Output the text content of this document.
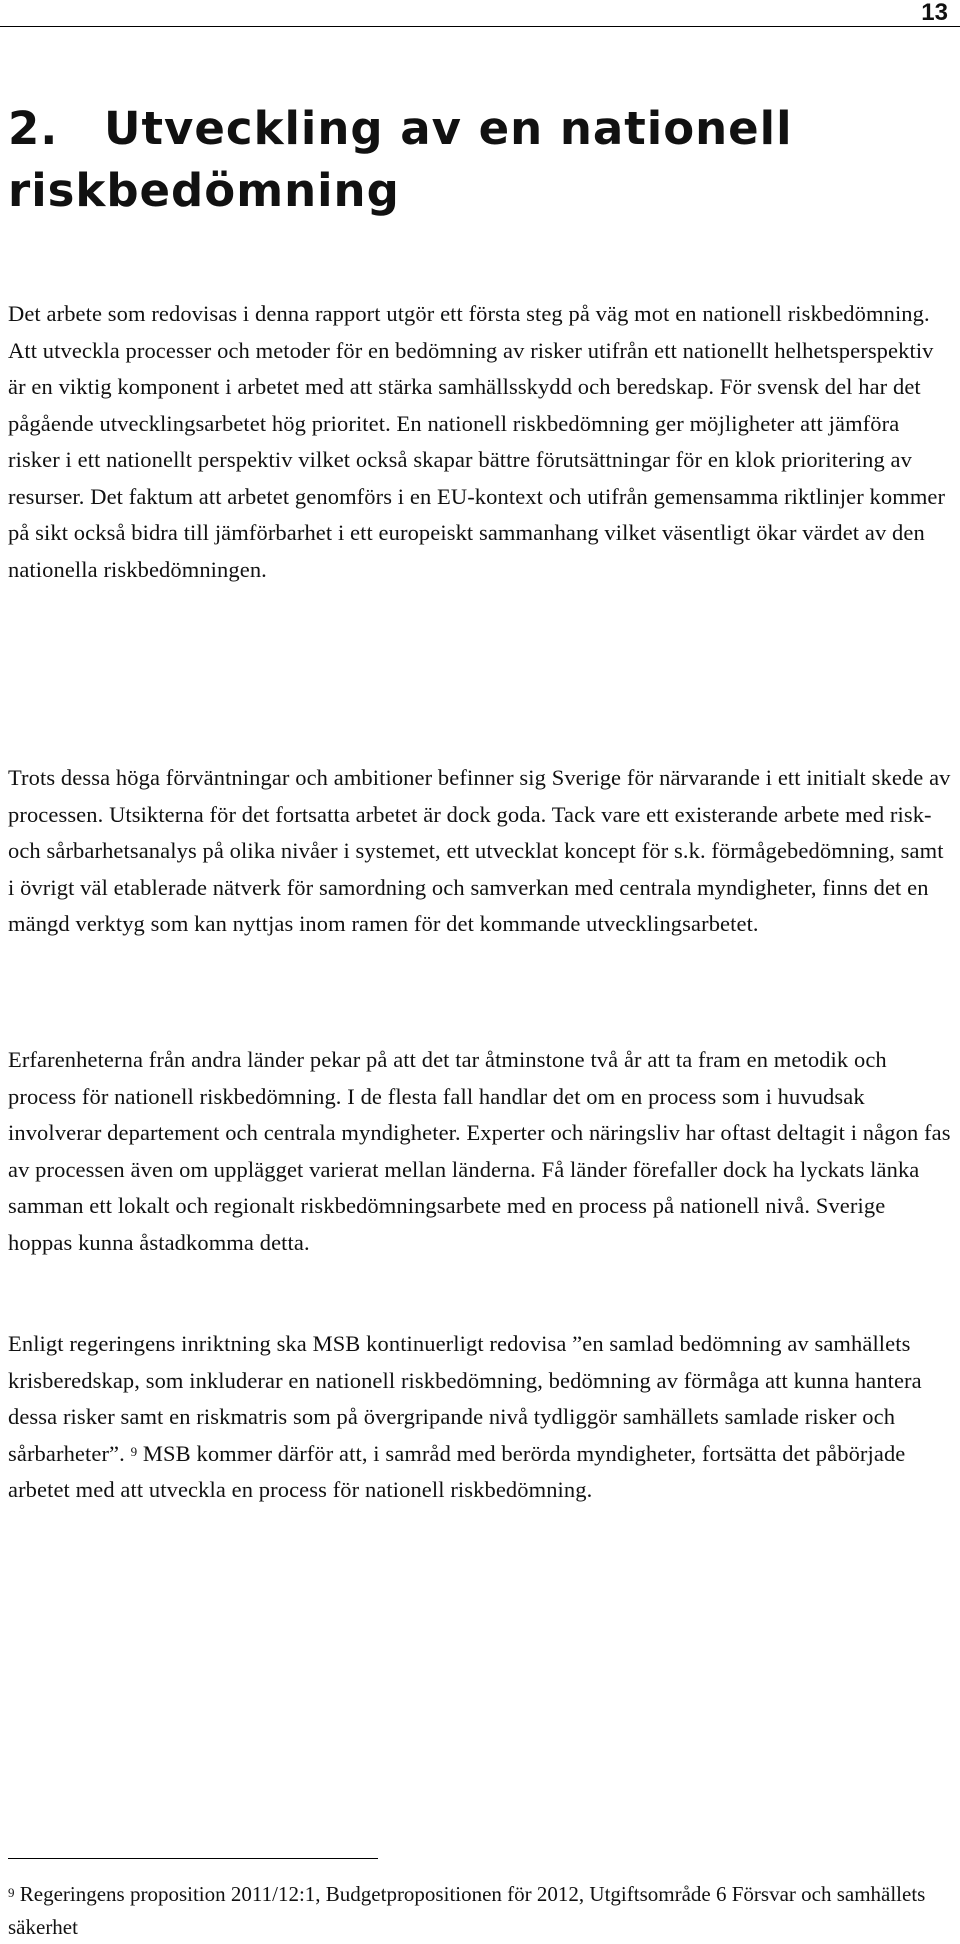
13
2. Utveckling av en nationell
riskbedömning

Det arbete som redovisas i denna rapport utgör ett första steg på väg mot en nationell riskbedömning. Att utveckla processer och metoder för en bedömning av risker utifrån ett nationellt helhetsperspektiv är en viktig komponent i arbetet med att stärka samhällsskydd och beredskap. För svensk del har det pågående utvecklingsarbetet hög prioritet. En nationell riskbedömning ger möjligheter att jämföra risker i ett nationellt perspektiv vilket också skapar bättre förutsättningar för en klok prioritering av resurser. Det faktum att arbetet genomförs i en EU-kontext och utifrån gemensamma riktlinjer kommer på sikt också bidra till jämförbarhet i ett europeiskt sammanhang vilket väsentligt ökar värdet av den nationella riskbedömningen.

Trots dessa höga förväntningar och ambitioner befinner sig Sverige för närvarande i ett initialt skede av processen. Utsikterna för det fortsatta arbetet är dock goda. Tack vare ett existerande arbete med risk- och sårbarhetsanalys på olika nivåer i systemet, ett utvecklat koncept för s.k. förmågebedömning, samt i övrigt väl etablerade nätverk för samordning och samverkan med centrala myndigheter, finns det en mängd verktyg som kan nyttjas inom ramen för det kommande utvecklingsarbetet.

Erfarenheterna från andra länder pekar på att det tar åtminstone två år att ta fram en metodik och process för nationell riskbedömning. I de flesta fall handlar det om en process som i huvudsak involverar departement och centrala myndigheter. Experter och näringsliv har oftast deltagit i någon fas av processen även om upplägget varierat mellan länderna. Få länder förefaller dock ha lyckats länka samman ett lokalt och regionalt riskbedömningsarbete med en process på nationell nivå. Sverige hoppas kunna åstadkomma detta.

Enligt regeringens inriktning ska MSB kontinuerligt redovisa ”en samlad bedömning av samhällets krisberedskap, som inkluderar en nationell riskbedömning, bedömning av förmåga att kunna hantera dessa risker samt en riskmatris som på övergripande nivå tydliggör samhällets samlade risker och sårbarheter”. $^9$ MSB kommer därför att, i samråd med berörda myndigheter, fortsätta det påbörjade arbetet med att utveckla en process för nationell riskbedömning.

$^9$ Regeringens proposition 2011/12:1, Budgetpropositionen för 2012, Utgiftsområde 6 Försvar och samhällets säkerhet
